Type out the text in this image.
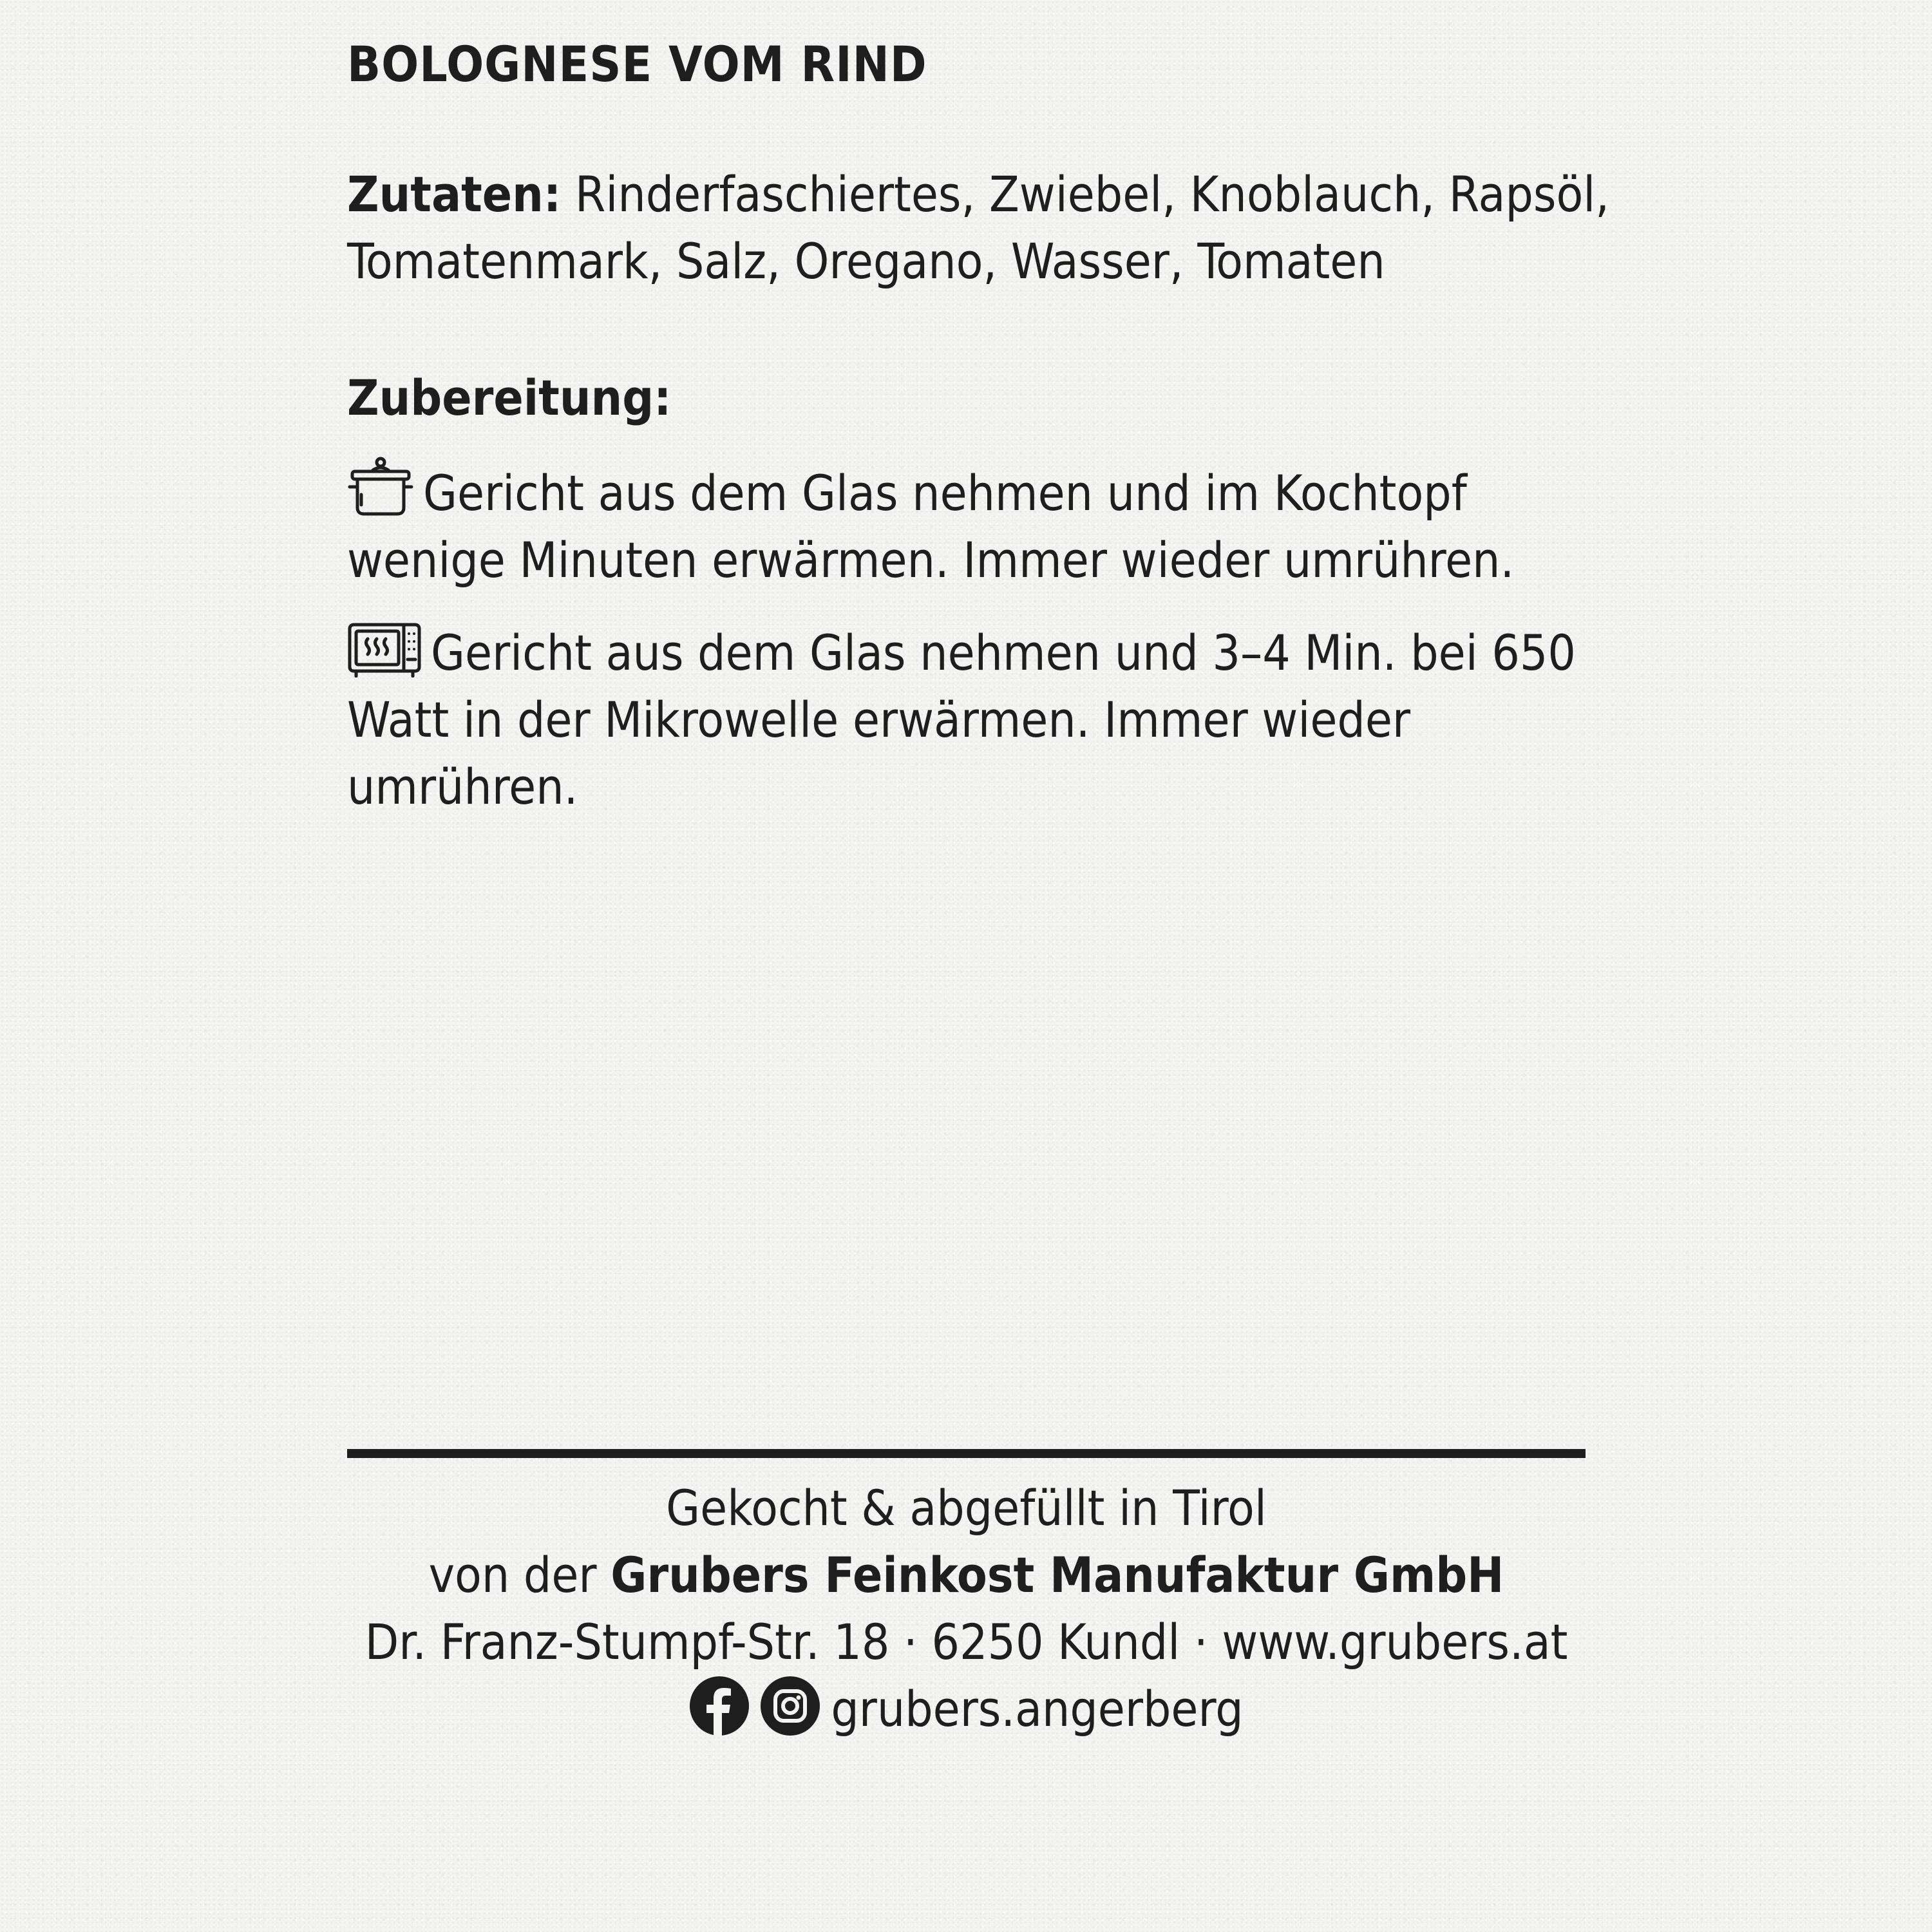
BOLOGNESE VOM RIND

Zutaten: Rinderfaschiertes, Zwiebel, Knoblauch, Rapsöl, Tomatenmark, Salz, Oregano, Wasser, Tomaten

Zubereitung:

Gericht aus dem Glas nehmen und im Kochtopf wenige Minuten erwärmen. Immer wieder umrühren.

Gericht aus dem Glas nehmen und 3–4 Min. bei 650 Watt in der Mikrowelle erwärmen. Immer wieder umrühren.

Gekocht & abgefüllt in Tirol
von der Grubers Feinkost Manufaktur GmbH
Dr. Franz-Stumpf-Str. 18 · 6250 Kundl · www.grubers.at
grubers.angerberg
